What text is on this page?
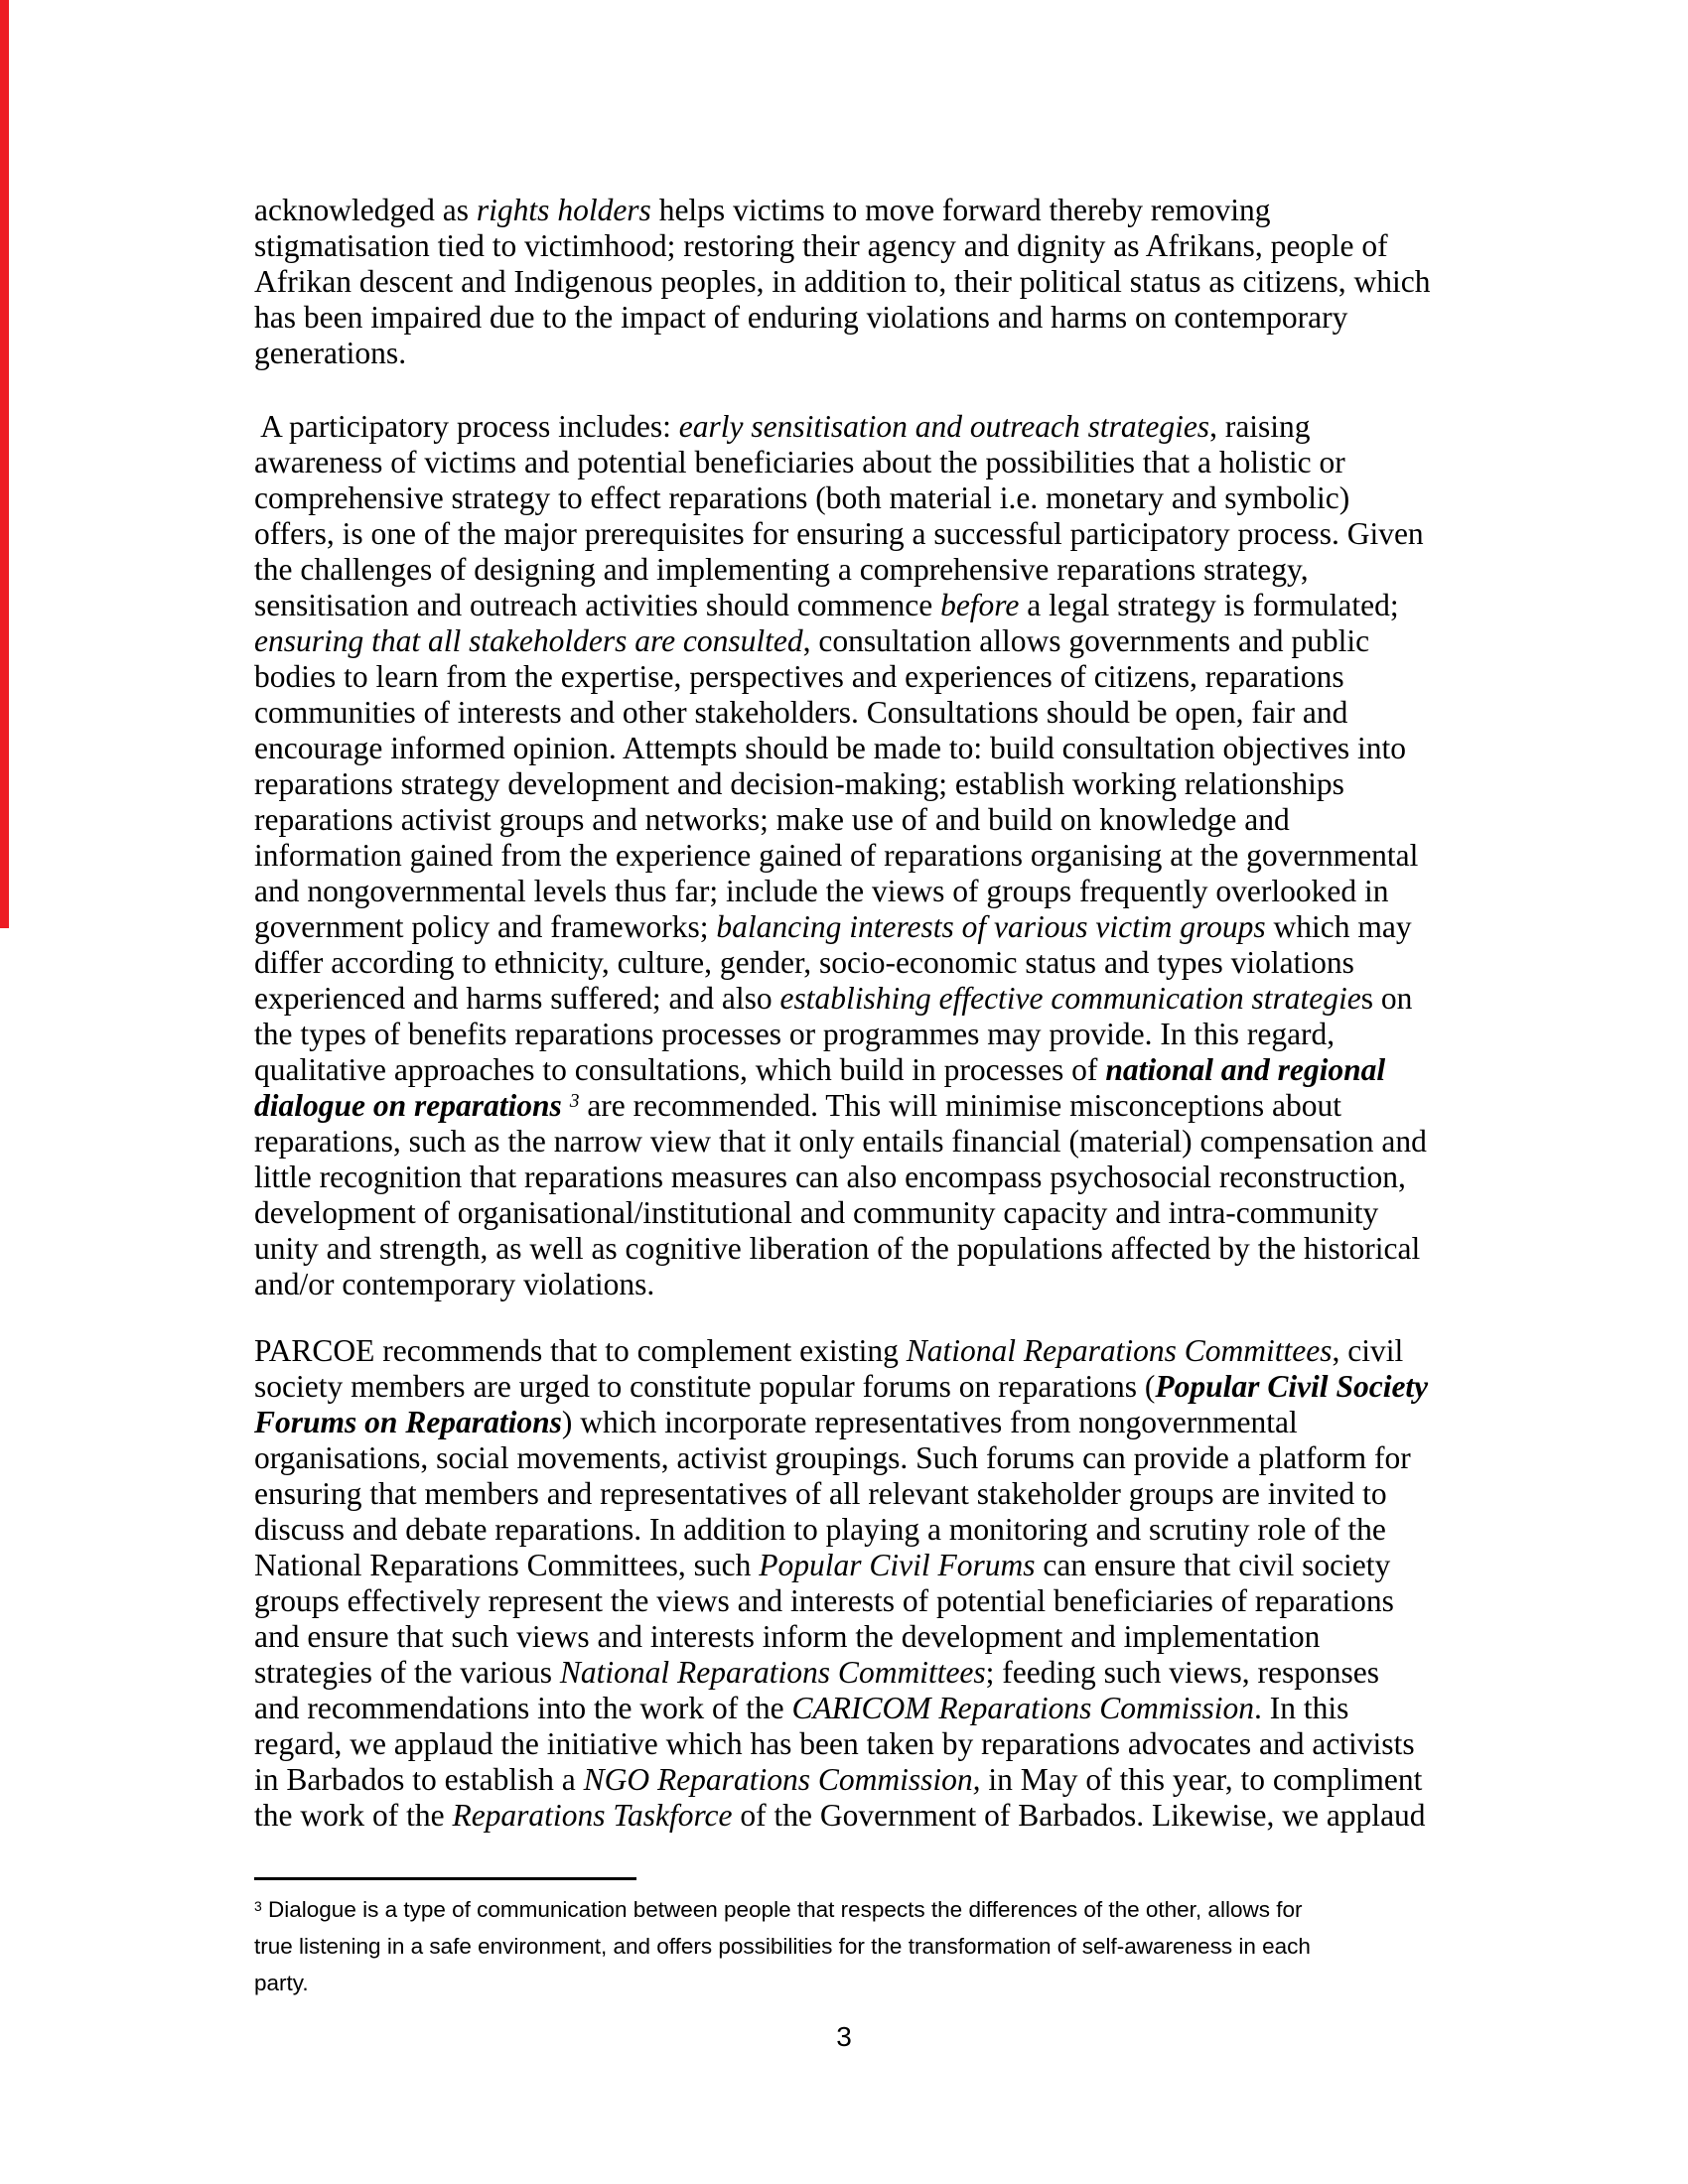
acknowledged as rights holders helps victims to move forward thereby removing
stigmatisation tied to victimhood; restoring their agency and dignity as Afrikans, people of
Afrikan descent and Indigenous peoples, in addition to, their political status as citizens, which
has been impaired due to the impact of enduring violations and harms on contemporary
generations.
A participatory process includes: early sensitisation and outreach strategies, raising
awareness of victims and potential beneficiaries about the possibilities that a holistic or
comprehensive strategy to effect reparations (both material i.e. monetary and symbolic)
offers, is one of the major prerequisites for ensuring a successful participatory process. Given
the challenges of designing and implementing a comprehensive reparations strategy,
sensitisation and outreach activities should commence before a legal strategy is formulated;
ensuring that all stakeholders are consulted, consultation allows governments and public
bodies to learn from the expertise, perspectives and experiences of citizens, reparations
communities of interests and other stakeholders. Consultations should be open, fair and
encourage informed opinion. Attempts should be made to: build consultation objectives into
reparations strategy development and decision-making; establish working relationships
reparations activist groups and networks; make use of and build on knowledge and
information gained from the experience gained of reparations organising at the governmental
and nongovernmental levels thus far; include the views of groups frequently overlooked in
government policy and frameworks; balancing interests of various victim groups which may
differ according to ethnicity, culture, gender, socio-economic status and types violations
experienced and harms suffered; and also establishing effective communication strategies on
the types of benefits reparations processes or programmes may provide. In this regard,
qualitative approaches to consultations, which build in processes of national and regional
dialogue on reparations $^3$ are recommended. This will minimise misconceptions about
reparations, such as the narrow view that it only entails financial (material) compensation and
little recognition that reparations measures can also encompass psychosocial reconstruction,
development of organisational/institutional and community capacity and intra-community
unity and strength, as well as cognitive liberation of the populations affected by the historical
and/or contemporary violations.
PARCOE recommends that to complement existing National Reparations Committees, civil
society members are urged to constitute popular forums on reparations (Popular Civil Society
Forums on Reparations) which incorporate representatives from nongovernmental
organisations, social movements, activist groupings. Such forums can provide a platform for
ensuring that members and representatives of all relevant stakeholder groups are invited to
discuss and debate reparations. In addition to playing a monitoring and scrutiny role of the
National Reparations Committees, such Popular Civil Forums can ensure that civil society
groups effectively represent the views and interests of potential beneficiaries of reparations
and ensure that such views and interests inform the development and implementation
strategies of the various National Reparations Committees; feeding such views, responses
and recommendations into the work of the CARICOM Reparations Commission. In this
regard, we applaud the initiative which has been taken by reparations advocates and activists
in Barbados to establish a NGO Reparations Commission, in May of this year, to compliment
the work of the Reparations Taskforce of the Government of Barbados. Likewise, we applaud
$^3$ Dialogue is a type of communication between people that respects the differences of the other, allows for
true listening in a safe environment, and offers possibilities for the transformation of self-awareness in each
party.
3
